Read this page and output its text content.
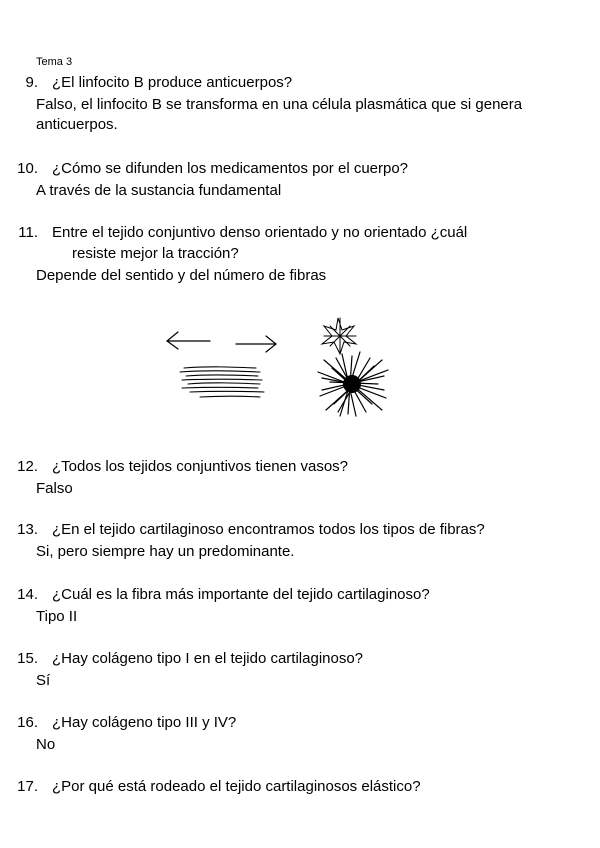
Tema 3
9. ¿El linfocito B produce anticuerpos?
Falso, el linfocito B se transforma en una célula plasmática que si genera anticuerpos.
10. ¿Cómo se difunden los medicamentos por el cuerpo?
A través de la sustancia fundamental
11. Entre el tejido conjuntivo denso orientado y no orientado ¿cuál
resiste mejor la tracción?
Depende del sentido y del número de fibras
12. ¿Todos los tejidos conjuntivos tienen vasos?
Falso
13. ¿En el tejido cartilaginoso encontramos todos los tipos de fibras?
Si, pero siempre hay un predominante.
14. ¿Cuál es la fibra más importante del tejido cartilaginoso?
Tipo II
15. ¿Hay colágeno tipo I en el tejido cartilaginoso?
Sí
16. ¿Hay colágeno tipo III y IV?
No
17. ¿Por qué está rodeado el tejido cartilaginosos elástico?
